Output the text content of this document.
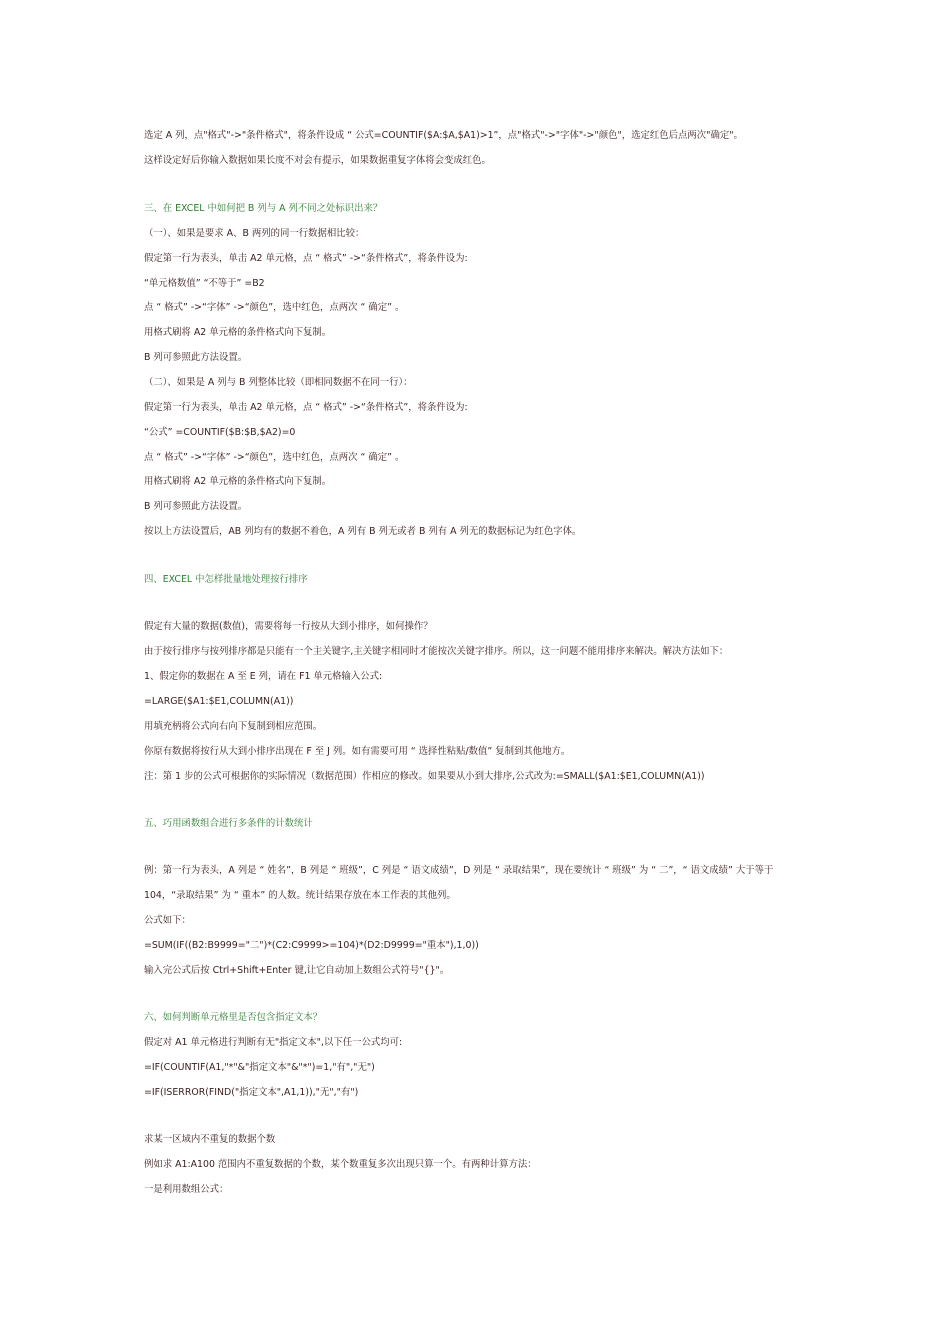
选定 A 列，点"格式"->"条件格式"，将条件设成 “ 公式=COUNTIF($A:$A,$A1)>1”，点"格式"->"字体"->"颜色"，选定红色后点两次"确定"。
这样设定好后你输入数据如果长度不对会有提示，如果数据重复字体将会变成红色。
三、在 EXCEL 中如何把 B 列与 A 列不同之处标识出来？
（一）、如果是要求 A、B 两列的同一行数据相比较：
假定第一行为表头，单击 A2 单元格，点 “ 格式” ->“条件格式”，将条件设为:
“单元格数值” “不等于” =B2
点 “ 格式” ->“字体” ->“颜色”，选中红色，点两次 “ 确定” 。
用格式刷将 A2 单元格的条件格式向下复制。
B 列可参照此方法设置。
（二）、如果是 A 列与 B 列整体比较（即相同数据不在同一行）：
假定第一行为表头，单击 A2 单元格，点 “ 格式” ->“条件格式”，将条件设为:
“公式” =COUNTIF($B:$B,$A2)=0
点 “ 格式” ->“字体” ->“颜色”，选中红色，点两次 “ 确定” 。
用格式刷将 A2 单元格的条件格式向下复制。
B 列可参照此方法设置。
按以上方法设置后，AB 列均有的数据不着色，A 列有 B 列无或者 B 列有 A 列无的数据标记为红色字体。
四、EXCEL 中怎样批量地处理按行排序
假定有大量的数据(数值)，需要将每一行按从大到小排序，如何操作？
由于按行排序与按列排序都是只能有一个主关键字,主关键字相同时才能按次关键字排序。所以，这一问题不能用排序来解决。解决方法如下：
1、假定你的数据在 A 至 E 列，请在 F1 单元格输入公式:
=LARGE($A1:$E1,COLUMN(A1))
用填充柄将公式向右向下复制到相应范围。
你原有数据将按行从大到小排序出现在 F 至 J 列。如有需要可用 “ 选择性粘贴/数值” 复制到其他地方。
注：第 1 步的公式可根据你的实际情况（数据范围）作相应的修改。如果要从小到大排序,公式改为:=SMALL($A1:$E1,COLUMN(A1))
五、巧用函数组合进行多条件的计数统计
例：第一行为表头，A 列是 “ 姓名”，B 列是 “ 班级”，C 列是 “ 语文成绩”，D 列是 “ 录取结果”，现在要统计 “ 班级” 为 “ 二”，“ 语文成绩” 大于等于
104，“录取结果” 为 “ 重本” 的人数。统计结果存放在本工作表的其他列。
公式如下：
=SUM(IF((B2:B9999="二")*(C2:C9999>=104)*(D2:D9999="重本"),1,0))
输入完公式后按 Ctrl+Shift+Enter 键,让它自动加上数组公式符号"{}"。
六、如何判断单元格里是否包含指定文本？
假定对 A1 单元格进行判断有无"指定文本",以下任一公式均可:
=IF(COUNTIF(A1,"*"&"指定文本"&"*")=1,"有","无")
=IF(ISERROR(FIND("指定文本",A1,1)),"无","有")
求某一区域内不重复的数据个数
例如求 A1:A100 范围内不重复数据的个数，某个数重复多次出现只算一个。有两种计算方法：
一是利用数组公式：
